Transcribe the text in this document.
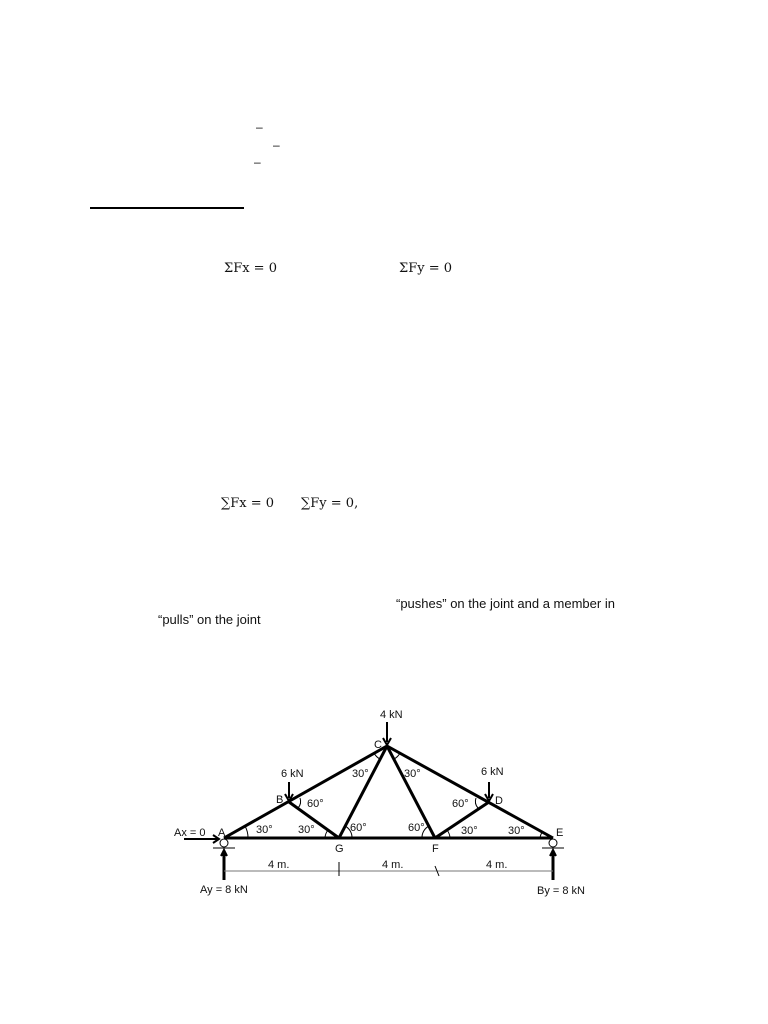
–
–
–
ΣFx = 0	ΣFy = 0
∑Fx = 0 ∑Fy = 0,
“pushes” on the joint and a member in
“pulls” on the joint
4 kN
6 kN	6 kN
C
B	D
A	E
G	F
30° 30°	60°
60°
30°	30°
60°
60°	30°	30°
4 m.	4 m.	4 m.
Ax = 0
Ay = 8 kN	By = 8 kN
